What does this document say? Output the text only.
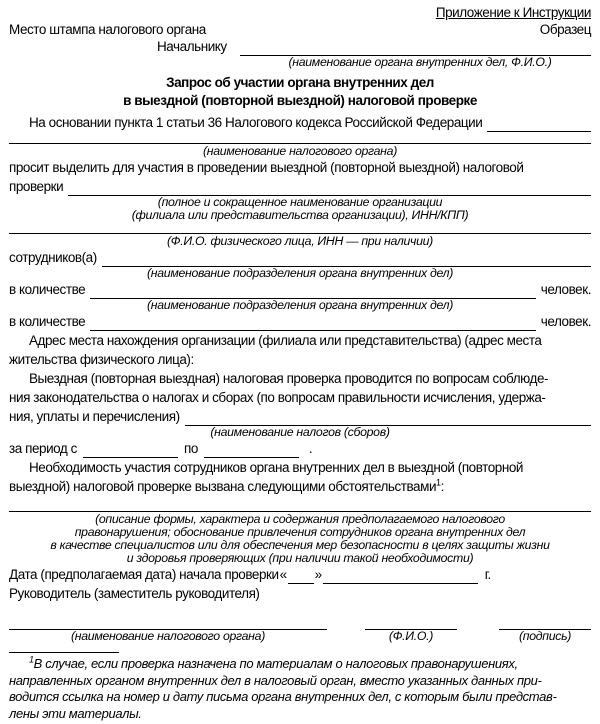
Приложение к Инструкции
Место штампа налогового органа	Образец
Начальнику
(наименование органа внутренних дел, Ф.И.О.)
Запрос об участии органа внутренних дел
в выездной (повторной выездной) налоговой проверке
На основании пункта 1 статьи 36 Налогового кодекса Российской Федерации
(наименование налогового органа)
просит выделить для участия в проведении выездной (повторной выездной) налоговой
проверки
(полное и сокращенное наименование организации
(филиала или представительства организации), ИНН/КПП)
(Ф.И.О. физического лица, ИНН — при наличии)
сотрудников(а)
(наименование подразделения органа внутренних дел)
в количестве	человек.
(наименование подразделения органа внутренних дел)
в количестве	человек.
Адрес места нахождения организации (филиала или представительства) (адрес места
жительства физического лица):
Выездная (повторная выездная) налоговая проверка проводится по вопросам соблюде-
ния законодательства о налогах и сборах (по вопросам правильности исчисления, удержа-
ния, уплаты и перечисления)
(наименование налогов (сборов)
за период с	по	.
Необходимость участия сотрудников органа внутренних дел в выездной (повторной
выездной) налоговой проверке вызвана следующими обстоятельствами$^1$:
(описание формы, характера и содержания предполагаемого налогового
правонарушения; обоснование привлечения сотрудников органа внутренних дел
в качестве специалистов или для обеспечения мер безопасности в целях защиты жизни
и здоровья проверяющих (при наличии такой необходимости)
Дата (предполагаемая дата) начала проверки « »	г.
Руководитель (заместитель руководителя)
(наименование налогового органа)	(Ф.И.О.)	(подпись)
$^1$В случае, если проверка назначена по материалам о налоговых правонарушениях,
направленных органом внутренних дел в налоговый орган, вместо указанных данных при-
водится ссылка на номер и дату письма органа внутренних дел, с которым были представ-
лены эти материалы.
